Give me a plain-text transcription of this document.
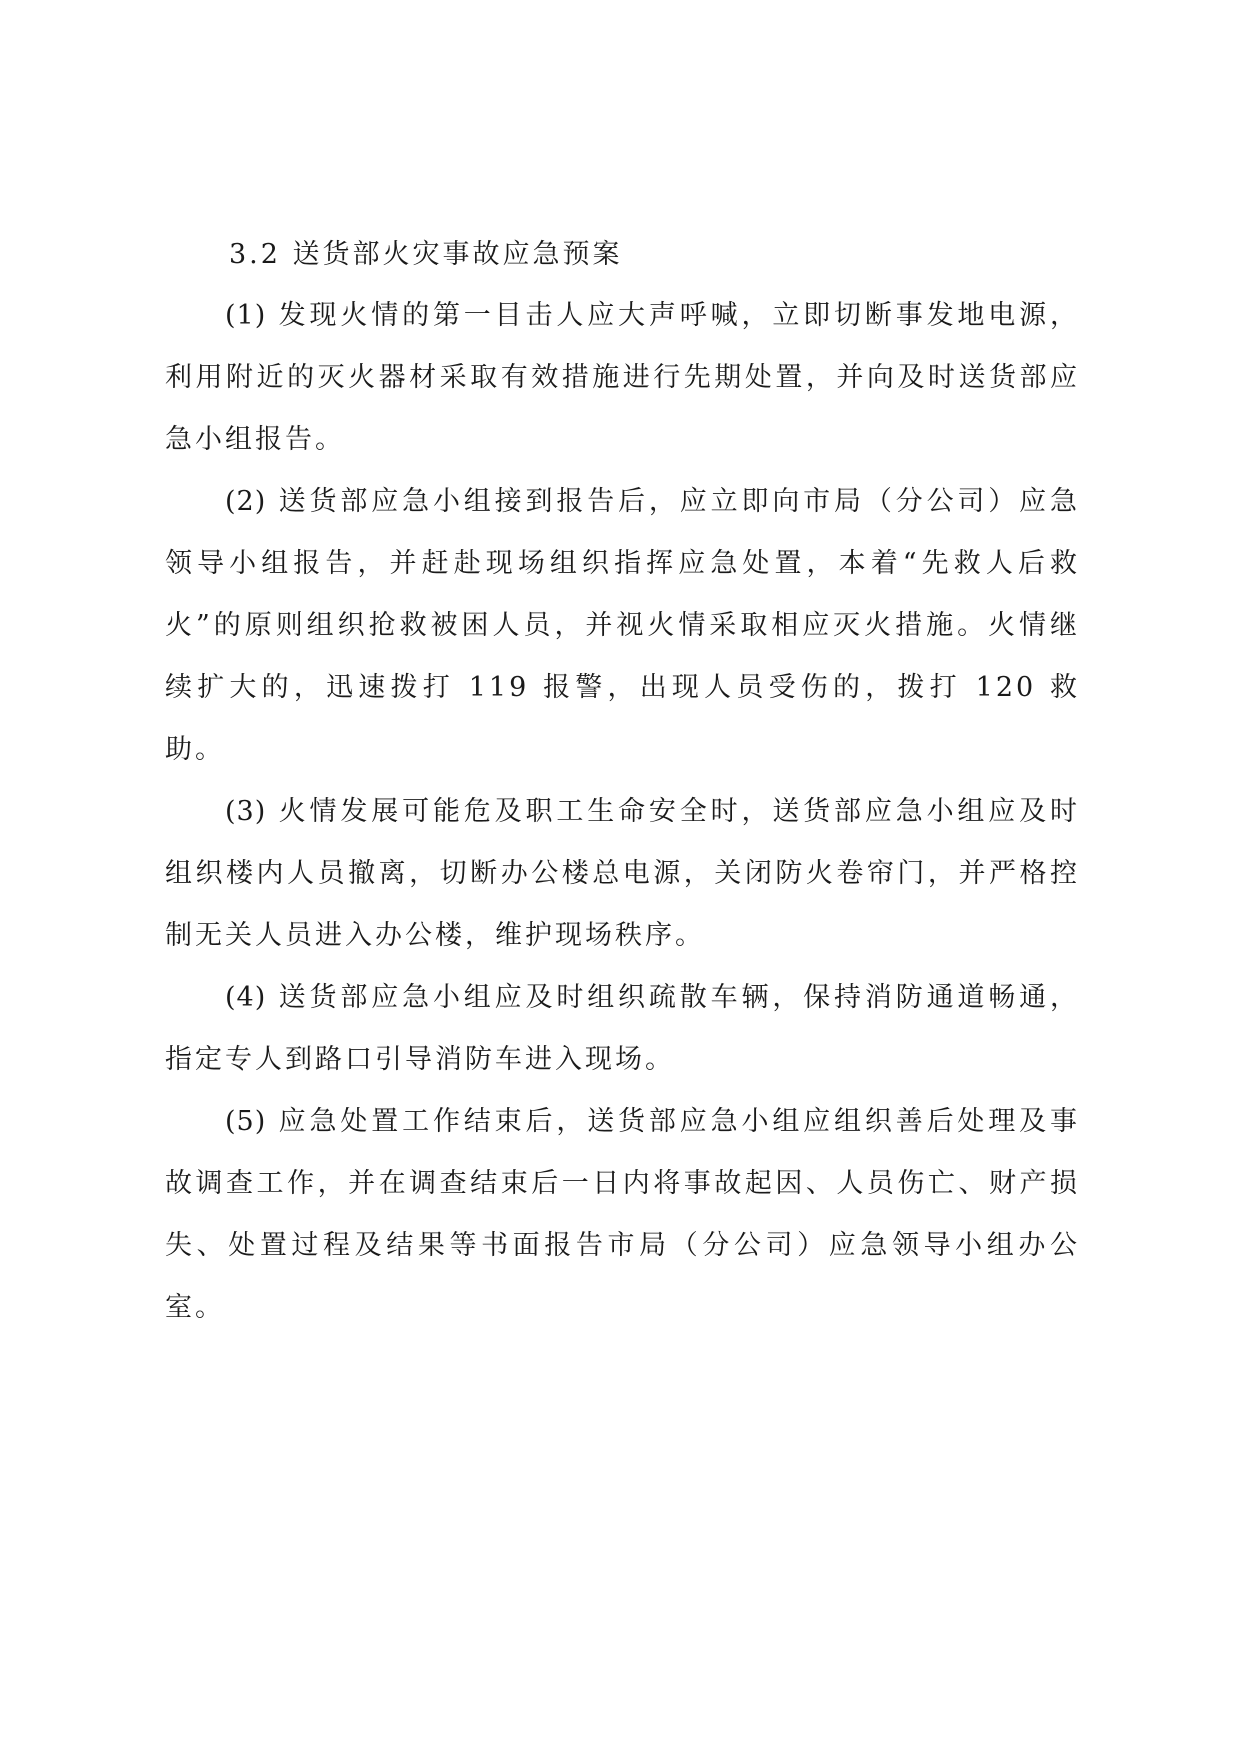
3.2 送货部火灾事故应急预案

(1) 发现火情的第一目击人应大声呼喊，立即切断事发地电源，利用附近的灭火器材采取有效措施进行先期处置，并向及时送货部应急小组报告。

(2) 送货部应急小组接到报告后，应立即向市局（分公司）应急领导小组报告，并赶赴现场组织指挥应急处置，本着“先救人后救火”的原则组织抢救被困人员，并视火情采取相应灭火措施。火情继续扩大的，迅速拨打 119 报警，出现人员受伤的，拨打 120 救助。

(3) 火情发展可能危及职工生命安全时，送货部应急小组应及时组织楼内人员撤离，切断办公楼总电源，关闭防火卷帘门，并严格控制无关人员进入办公楼，维护现场秩序。

(4) 送货部应急小组应及时组织疏散车辆，保持消防通道畅通，指定专人到路口引导消防车进入现场。

(5) 应急处置工作结束后，送货部应急小组应组织善后处理及事故调查工作，并在调查结束后一日内将事故起因、人员伤亡、财产损失、处置过程及结果等书面报告市局（分公司）应急领导小组办公室。
